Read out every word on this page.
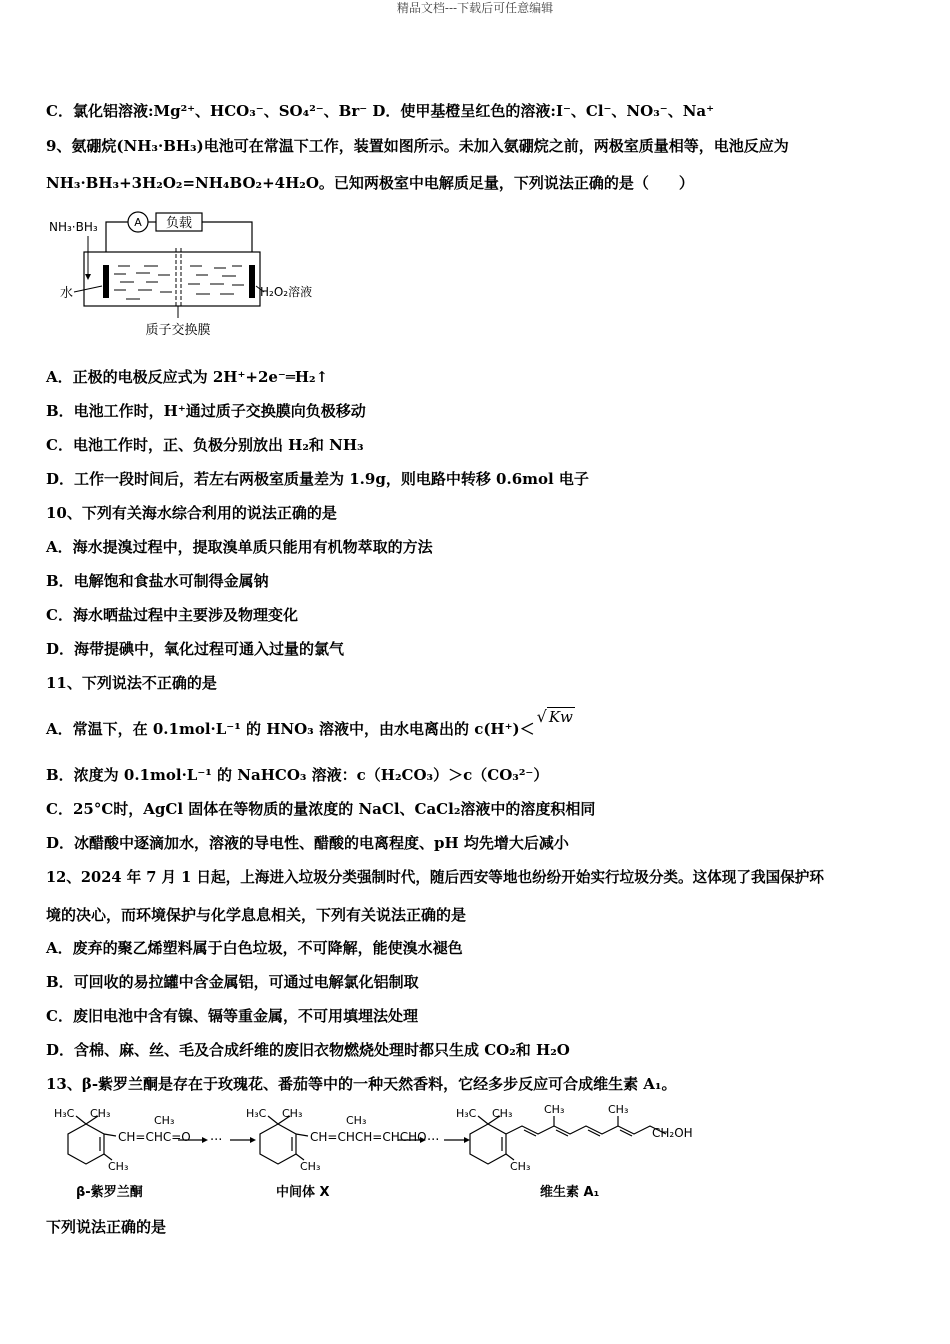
精品文档---下载后可任意编辑
C．氯化铝溶液:Mg²⁺、HCO₃⁻、SO₄²⁻、Br⁻ D．使甲基橙呈红色的溶液:I⁻、Cl⁻、NO₃⁻、Na⁺
9、氨硼烷(NH₃·BH₃)电池可在常温下工作，装置如图所示。未加入氨硼烷之前，两极室质量相等，电池反应为
NH₃·BH₃+3H₂O₂=NH₄BO₂+4H₂O。已知两极室中电解质足量，下列说法正确的是（　　）
NH₃·BH₃	A 负载
水	H₂O₂溶液
质子交换膜
A．正极的电极反应式为 2H⁺+2e⁻═H₂↑
B．电池工作时，H⁺通过质子交换膜向负极移动
C．电池工作时，正、负极分别放出 H₂和 NH₃
D．工作一段时间后，若左右两极室质量差为 1.9g，则电路中转移 0.6mol 电子
10、下列有关海水综合利用的说法正确的是
A．海水提溴过程中，提取溴单质只能用有机物萃取的方法
B．电解饱和食盐水可制得金属钠
C．海水晒盐过程中主要涉及物理变化
D．海带提碘中，氧化过程可通入过量的氯气
11、下列说法不正确的是
A．常温下，在 0.1mol·L⁻¹ 的 HNO₃ 溶液中，由水电离出的 c(H⁺)＜√ Kw
B．浓度为 0.1mol·L⁻¹ 的 NaHCO₃ 溶液：c（H₂CO₃）＞c（CO₃²⁻）
C．25°C时，AgCl 固体在等物质的量浓度的 NaCl、CaCl₂溶液中的溶度积相同
D．冰醋酸中逐滴加水，溶液的导电性、醋酸的电离程度、pH 均先增大后减小
12、2024 年 7 月 1 日起，上海进入垃圾分类强制时代，随后西安等地也纷纷开始实行垃圾分类。这体现了我国保护环
境的决心，而环境保护与化学息息相关，下列有关说法正确的是
A．废弃的聚乙烯塑料属于白色垃圾，不可降解，能使溴水褪色
B．可回收的易拉罐中含金属铝，可通过电解氯化铝制取
C．废旧电池中含有镍、镉等重金属，不可用填埋法处理
D．含棉、麻、丝、毛及合成纤维的废旧衣物燃烧处理时都只生成 CO₂和 H₂O
13、β-紫罗兰酮是存在于玫瑰花、番茄等中的一种天然香料，它经多步反应可合成维生素 A₁。
H₃C CH₃
CH₃
CH=CHC=O
CH₃
···
H₃C CH₃
CH₃
CH=CHCH=CHCHO
CH₃
···
H₃C CH₃
CH₃
CH₃	CH₃
CH₂OH
β-紫罗兰酮	中间体 X	维生素 A₁
下列说法正确的是
